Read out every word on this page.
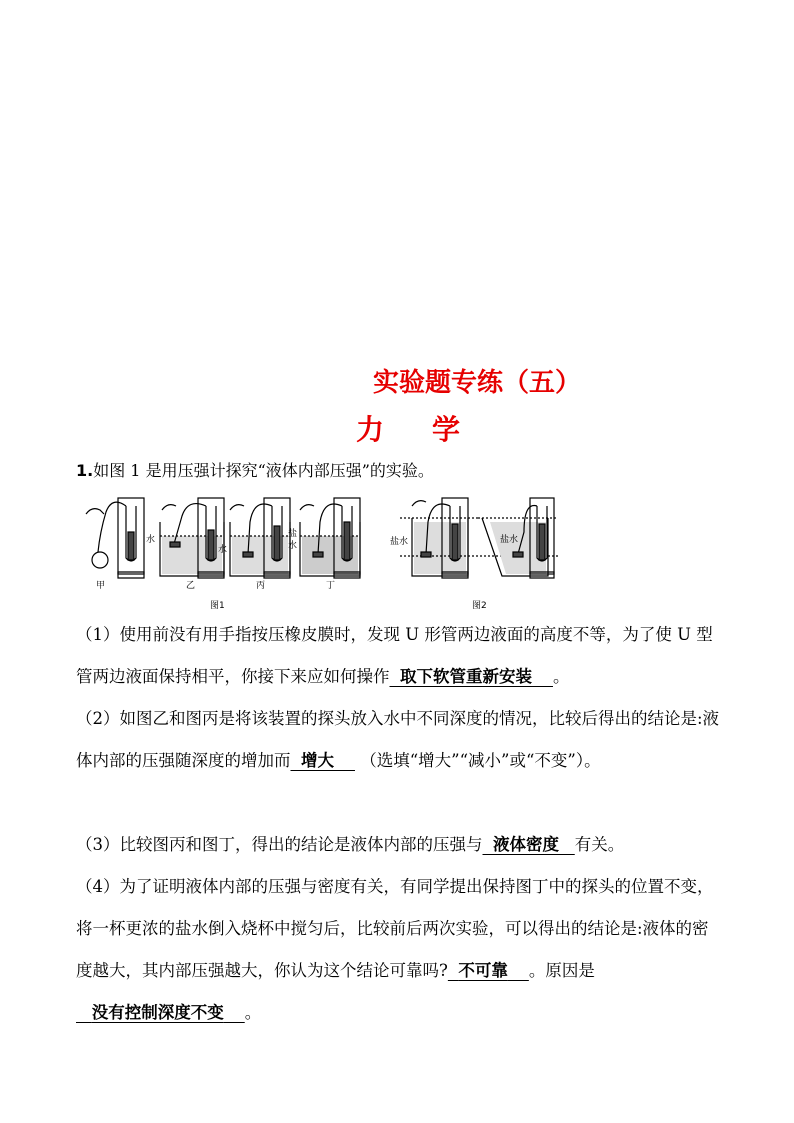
实验题专练（五）
力 学
1.如图 1 是用压强计探究“液体内部压强”的实验。
甲	乙	丙	丁
水
水
盐
水	盐水	盐水
图1	图2
（1）使用前没有用手指按压橡皮膜时，发现 U 形管两边液面的高度不等，为了使 U 型管两边液面保持相平，你接下来应如何操作 取下软管重新安装 。
（2）如图乙和图丙是将该装置的探头放入水中不同深度的情况，比较后得出的结论是:液体内部的压强随深度的增加而 增大 （选填“增大”“减小”或“不变”）。
（3）比较图丙和图丁，得出的结论是液体内部的压强与 液体密度 有关。
（4）为了证明液体内部的压强与密度有关，有同学提出保持图丁中的探头的位置不变，将一杯更浓的盐水倒入烧杯中搅匀后，比较前后两次实验，可以得出的结论是:液体的密度越大，其内部压强越大，你认为这个结论可靠吗? 不可靠 。原因是   没有控制深度不变 。
